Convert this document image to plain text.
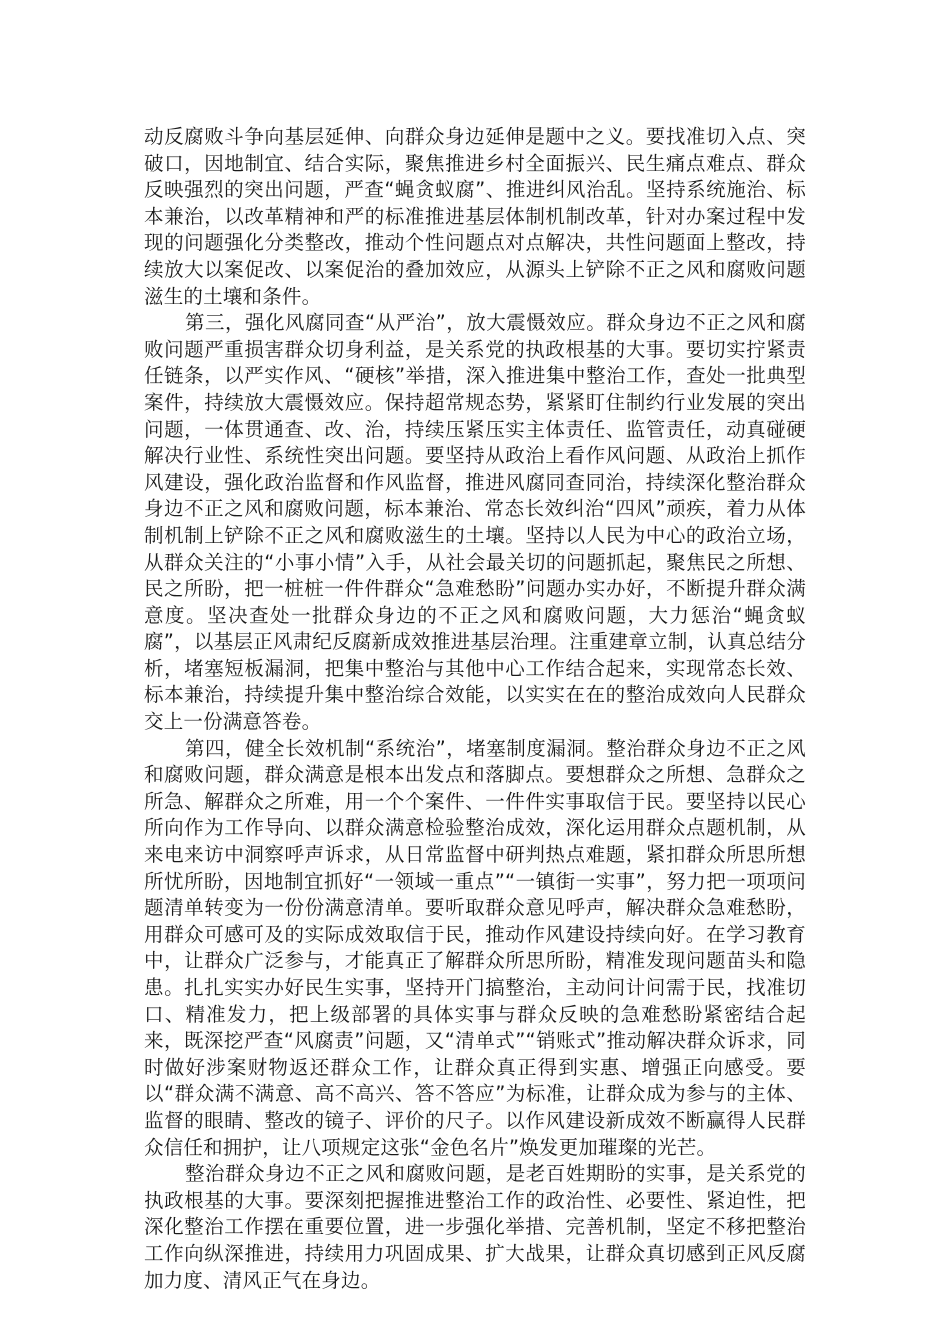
动反腐败斗争向基层延伸、向群众身边延伸是题中之义。要找准切入点、突破口，因地制宜、结合实际，聚焦推进乡村全面振兴、民生痛点难点、群众反映强烈的突出问题，严查“蝇贪蚁腐”、推进纠风治乱。坚持系统施治、标本兼治，以改革精神和严的标准推进基层体制机制改革，针对办案过程中发现的问题强化分类整改，推动个性问题点对点解决，共性问题面上整改，持续放大以案促改、以案促治的叠加效应，从源头上铲除不正之风和腐败问题滋生的土壤和条件。

第三，强化风腐同查“从严治”，放大震慑效应。群众身边不正之风和腐败问题严重损害群众切身利益，是关系党的执政根基的大事。要切实拧紧责任链条，以严实作风、“硬核”举措，深入推进集中整治工作，查处一批典型案件，持续放大震慑效应。保持超常规态势，紧紧盯住制约行业发展的突出问题，一体贯通查、改、治，持续压紧压实主体责任、监管责任，动真碰硬解决行业性、系统性突出问题。要坚持从政治上看作风问题、从政治上抓作风建设，强化政治监督和作风监督，推进风腐同查同治，持续深化整治群众身边不正之风和腐败问题，标本兼治、常态长效纠治“四风”顽疾，着力从体制机制上铲除不正之风和腐败滋生的土壤。坚持以人民为中心的政治立场，从群众关注的“小事小情”入手，从社会最关切的问题抓起，聚焦民之所想、民之所盼，把一桩桩一件件群众“急难愁盼”问题办实办好，不断提升群众满意度。坚决查处一批群众身边的不正之风和腐败问题，大力惩治“蝇贪蚁腐”，以基层正风肃纪反腐新成效推进基层治理。注重建章立制，认真总结分析，堵塞短板漏洞，把集中整治与其他中心工作结合起来，实现常态长效、标本兼治，持续提升集中整治综合效能，以实实在在的整治成效向人民群众交上一份满意答卷。

第四，健全长效机制“系统治”，堵塞制度漏洞。整治群众身边不正之风和腐败问题，群众满意是根本出发点和落脚点。要想群众之所想、急群众之所急、解群众之所难，用一个个案件、一件件实事取信于民。要坚持以民心所向作为工作导向、以群众满意检验整治成效，深化运用群众点题机制，从来电来访中洞察呼声诉求，从日常监督中研判热点难题，紧扣群众所思所想所忧所盼，因地制宜抓好“一领域一重点”“一镇街一实事”，努力把一项项问题清单转变为一份份满意清单。要听取群众意见呼声，解决群众急难愁盼，用群众可感可及的实际成效取信于民，推动作风建设持续向好。在学习教育中，让群众广泛参与，才能真正了解群众所思所盼，精准发现问题苗头和隐患。扎扎实实办好民生实事，坚持开门搞整治，主动问计问需于民，找准切口、精准发力，把上级部署的具体实事与群众反映的急难愁盼紧密结合起来，既深挖严查“风腐责”问题，又“清单式”“销账式”推动解决群众诉求，同时做好涉案财物返还群众工作，让群众真正得到实惠、增强正向感受。要以“群众满不满意、高不高兴、答不答应”为标准，让群众成为参与的主体、监督的眼睛、整改的镜子、评价的尺子。以作风建设新成效不断赢得人民群众信任和拥护，让八项规定这张“金色名片”焕发更加璀璨的光芒。

整治群众身边不正之风和腐败问题，是老百姓期盼的实事，是关系党的执政根基的大事。要深刻把握推进整治工作的政治性、必要性、紧迫性，把深化整治工作摆在重要位置，进一步强化举措、完善机制，坚定不移把整治工作向纵深推进，持续用力巩固成果、扩大战果，让群众真切感到正风反腐加力度、清风正气在身边。
